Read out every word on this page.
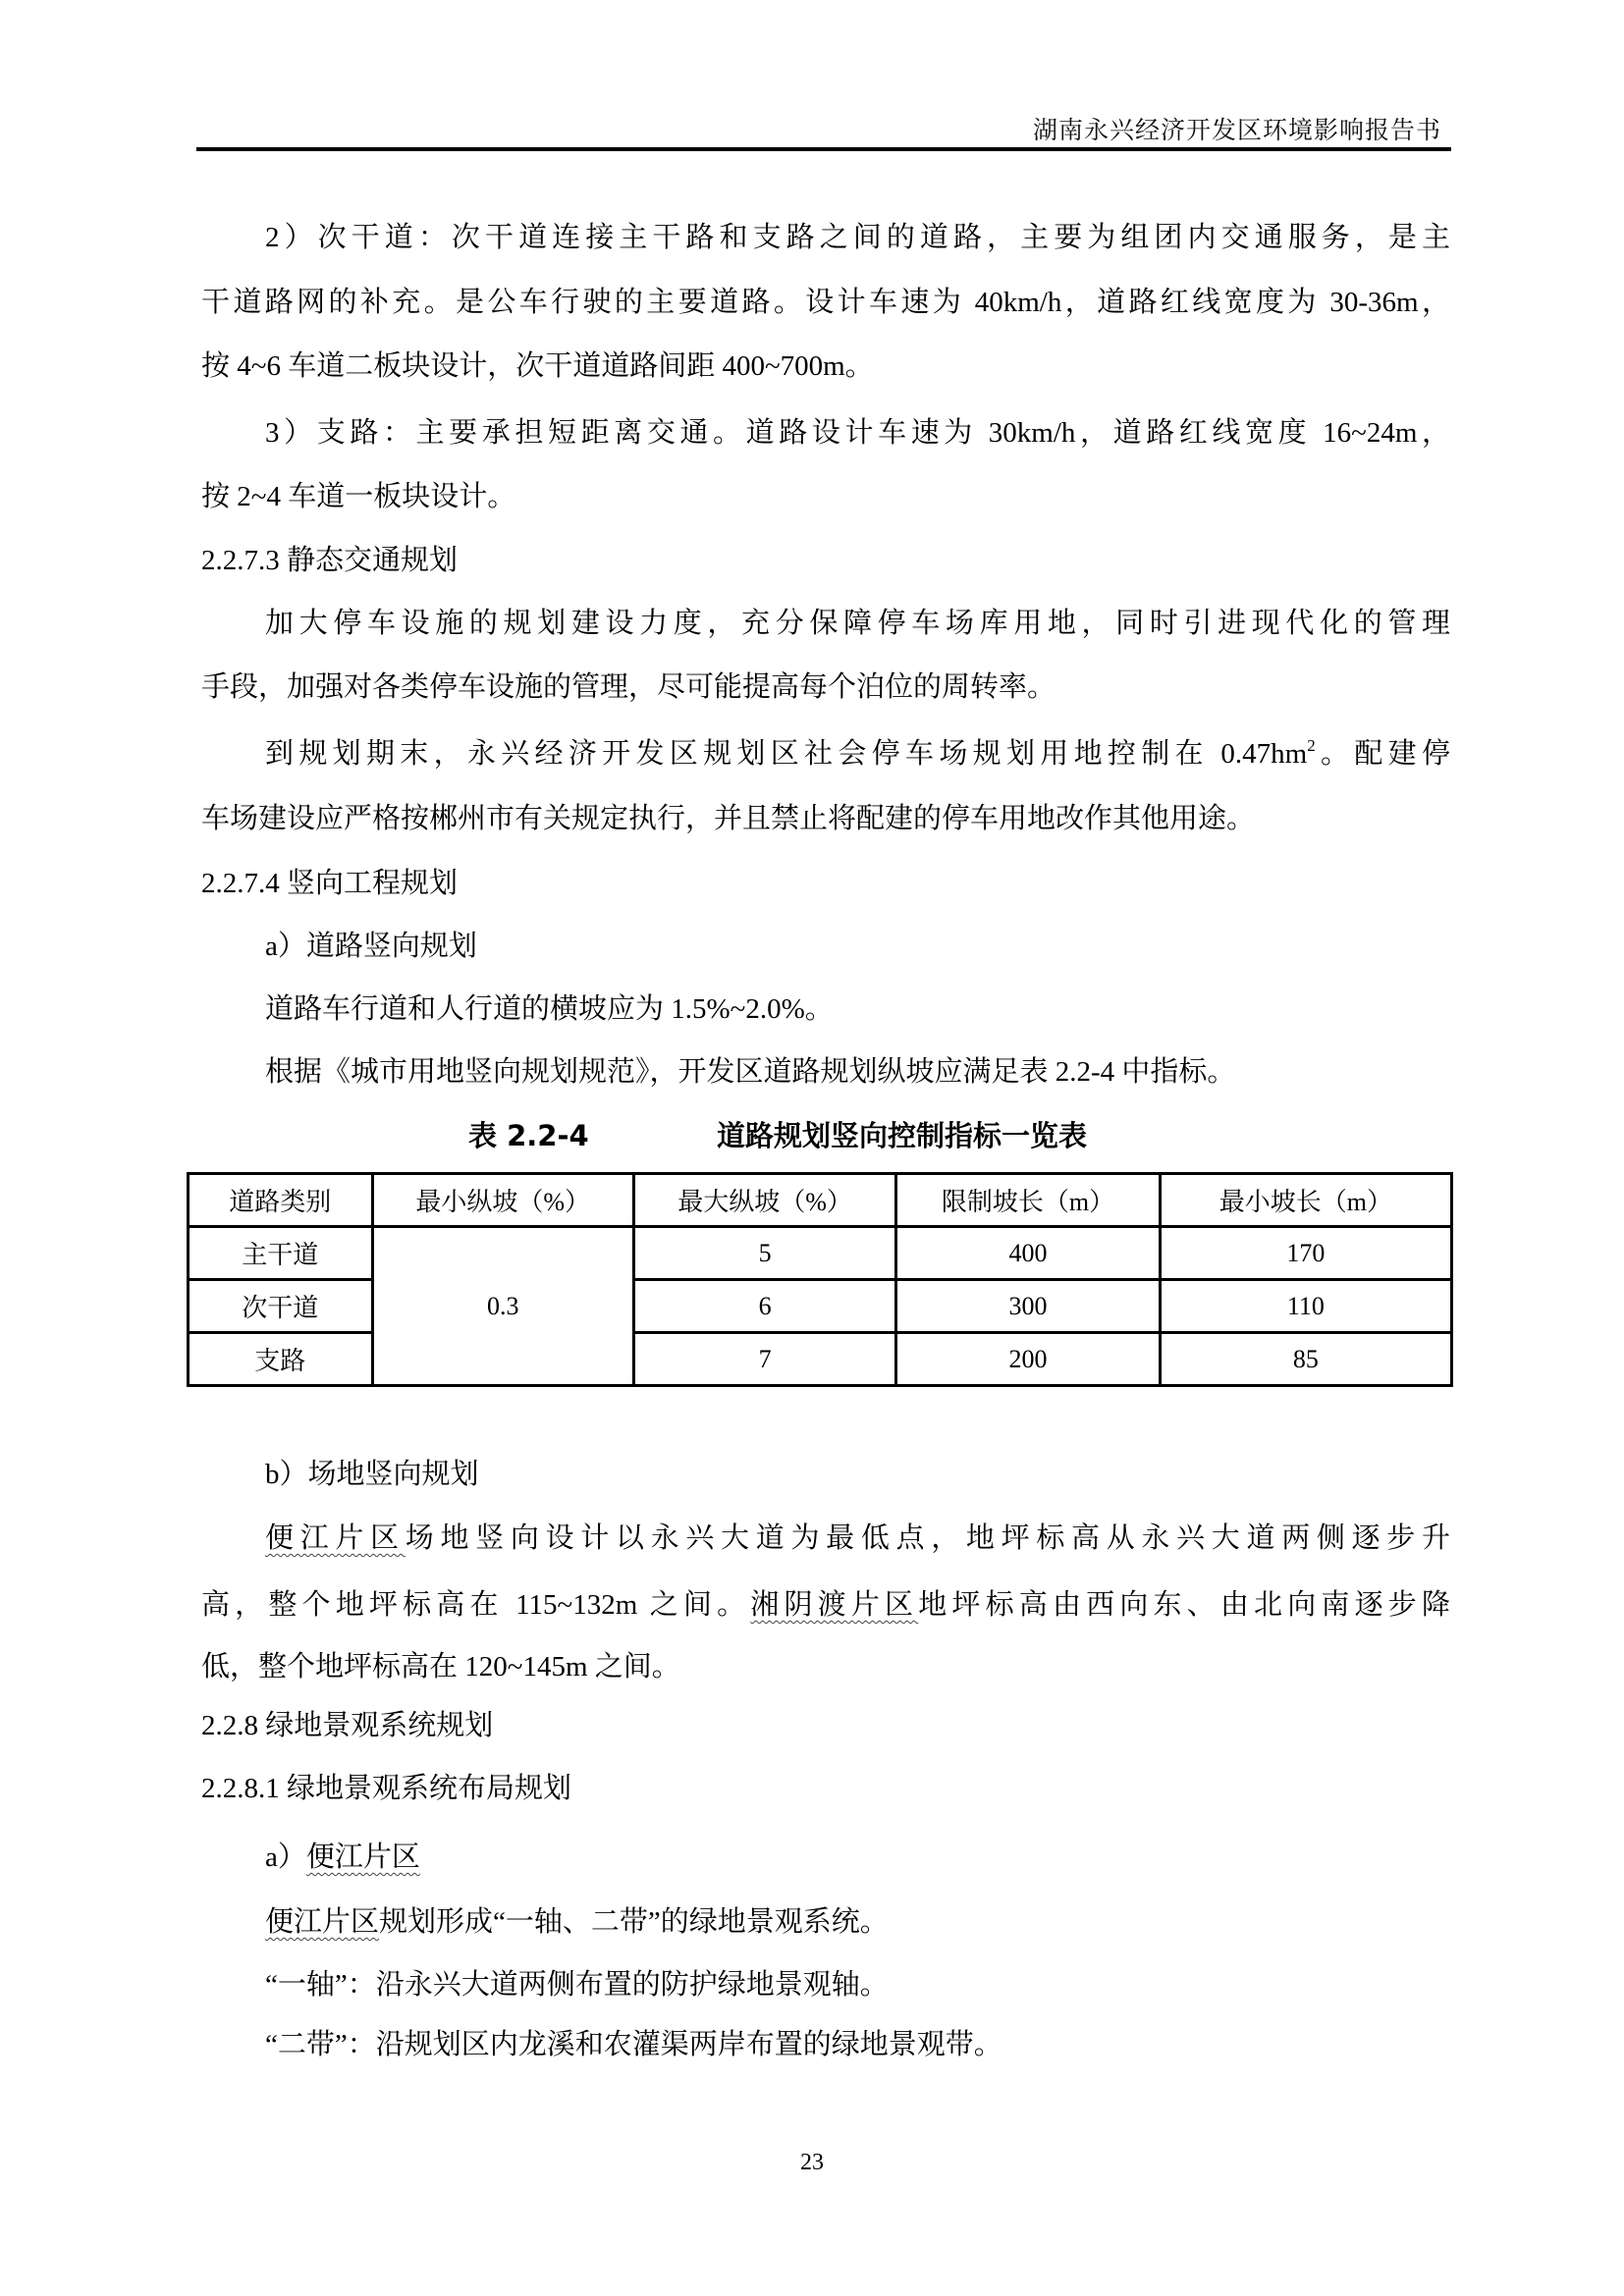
湖南永兴经济开发区环境影响报告书
2）次干道：次干道连接主干路和支路之间的道路，主要为组团内交通服务，是主
干道路网的补充。是公车行驶的主要道路。设计车速为 40km/h，道路红线宽度为 30-36m，
按 4~6 车道二板块设计，次干道道路间距 400~700m。
3）支路：主要承担短距离交通。道路设计车速为 30km/h，道路红线宽度 16~24m，
按 2~4 车道一板块设计。
2.2.7.3 静态交通规划
加大停车设施的规划建设力度，充分保障停车场库用地，同时引进现代化的管理
手段，加强对各类停车设施的管理，尽可能提高每个泊位的周转率。
到规划期末，永兴经济开发区规划区社会停车场规划用地控制在 $0.47hm^2$。配建停
车场建设应严格按郴州市有关规定执行，并且禁止将配建的停车用地改作其他用途。
2.2.7.4 竖向工程规划
a）道路竖向规划
道路车行道和人行道的横坡应为 1.5%~2.0%。
根据《城市用地竖向规划规范》，开发区道路规划纵坡应满足表 2.2-4 中指标。
表 2.2-4	道路规划竖向控制指标一览表
道路类别	最小纵坡（%）	最大纵坡（%）	限制坡长（m）	最小坡长（m）
主干道	0.3	5	400	170
次干道		6	300	110
支路		7	200	85
b）场地竖向规划
便江片区场地竖向设计以永兴大道为最低点，地坪标高从永兴大道两侧逐步升
高，整个地坪标高在 115~132m 之间。湘阴渡片区地坪标高由西向东、由北向南逐步降
低，整个地坪标高在 120~145m 之间。
2.2.8 绿地景观系统规划
2.2.8.1 绿地景观系统布局规划
a）便江片区
便江片区规划形成“一轴、二带”的绿地景观系统。
“一轴”：沿永兴大道两侧布置的防护绿地景观轴。
“二带”：沿规划区内龙溪和农灌渠两岸布置的绿地景观带。
23
